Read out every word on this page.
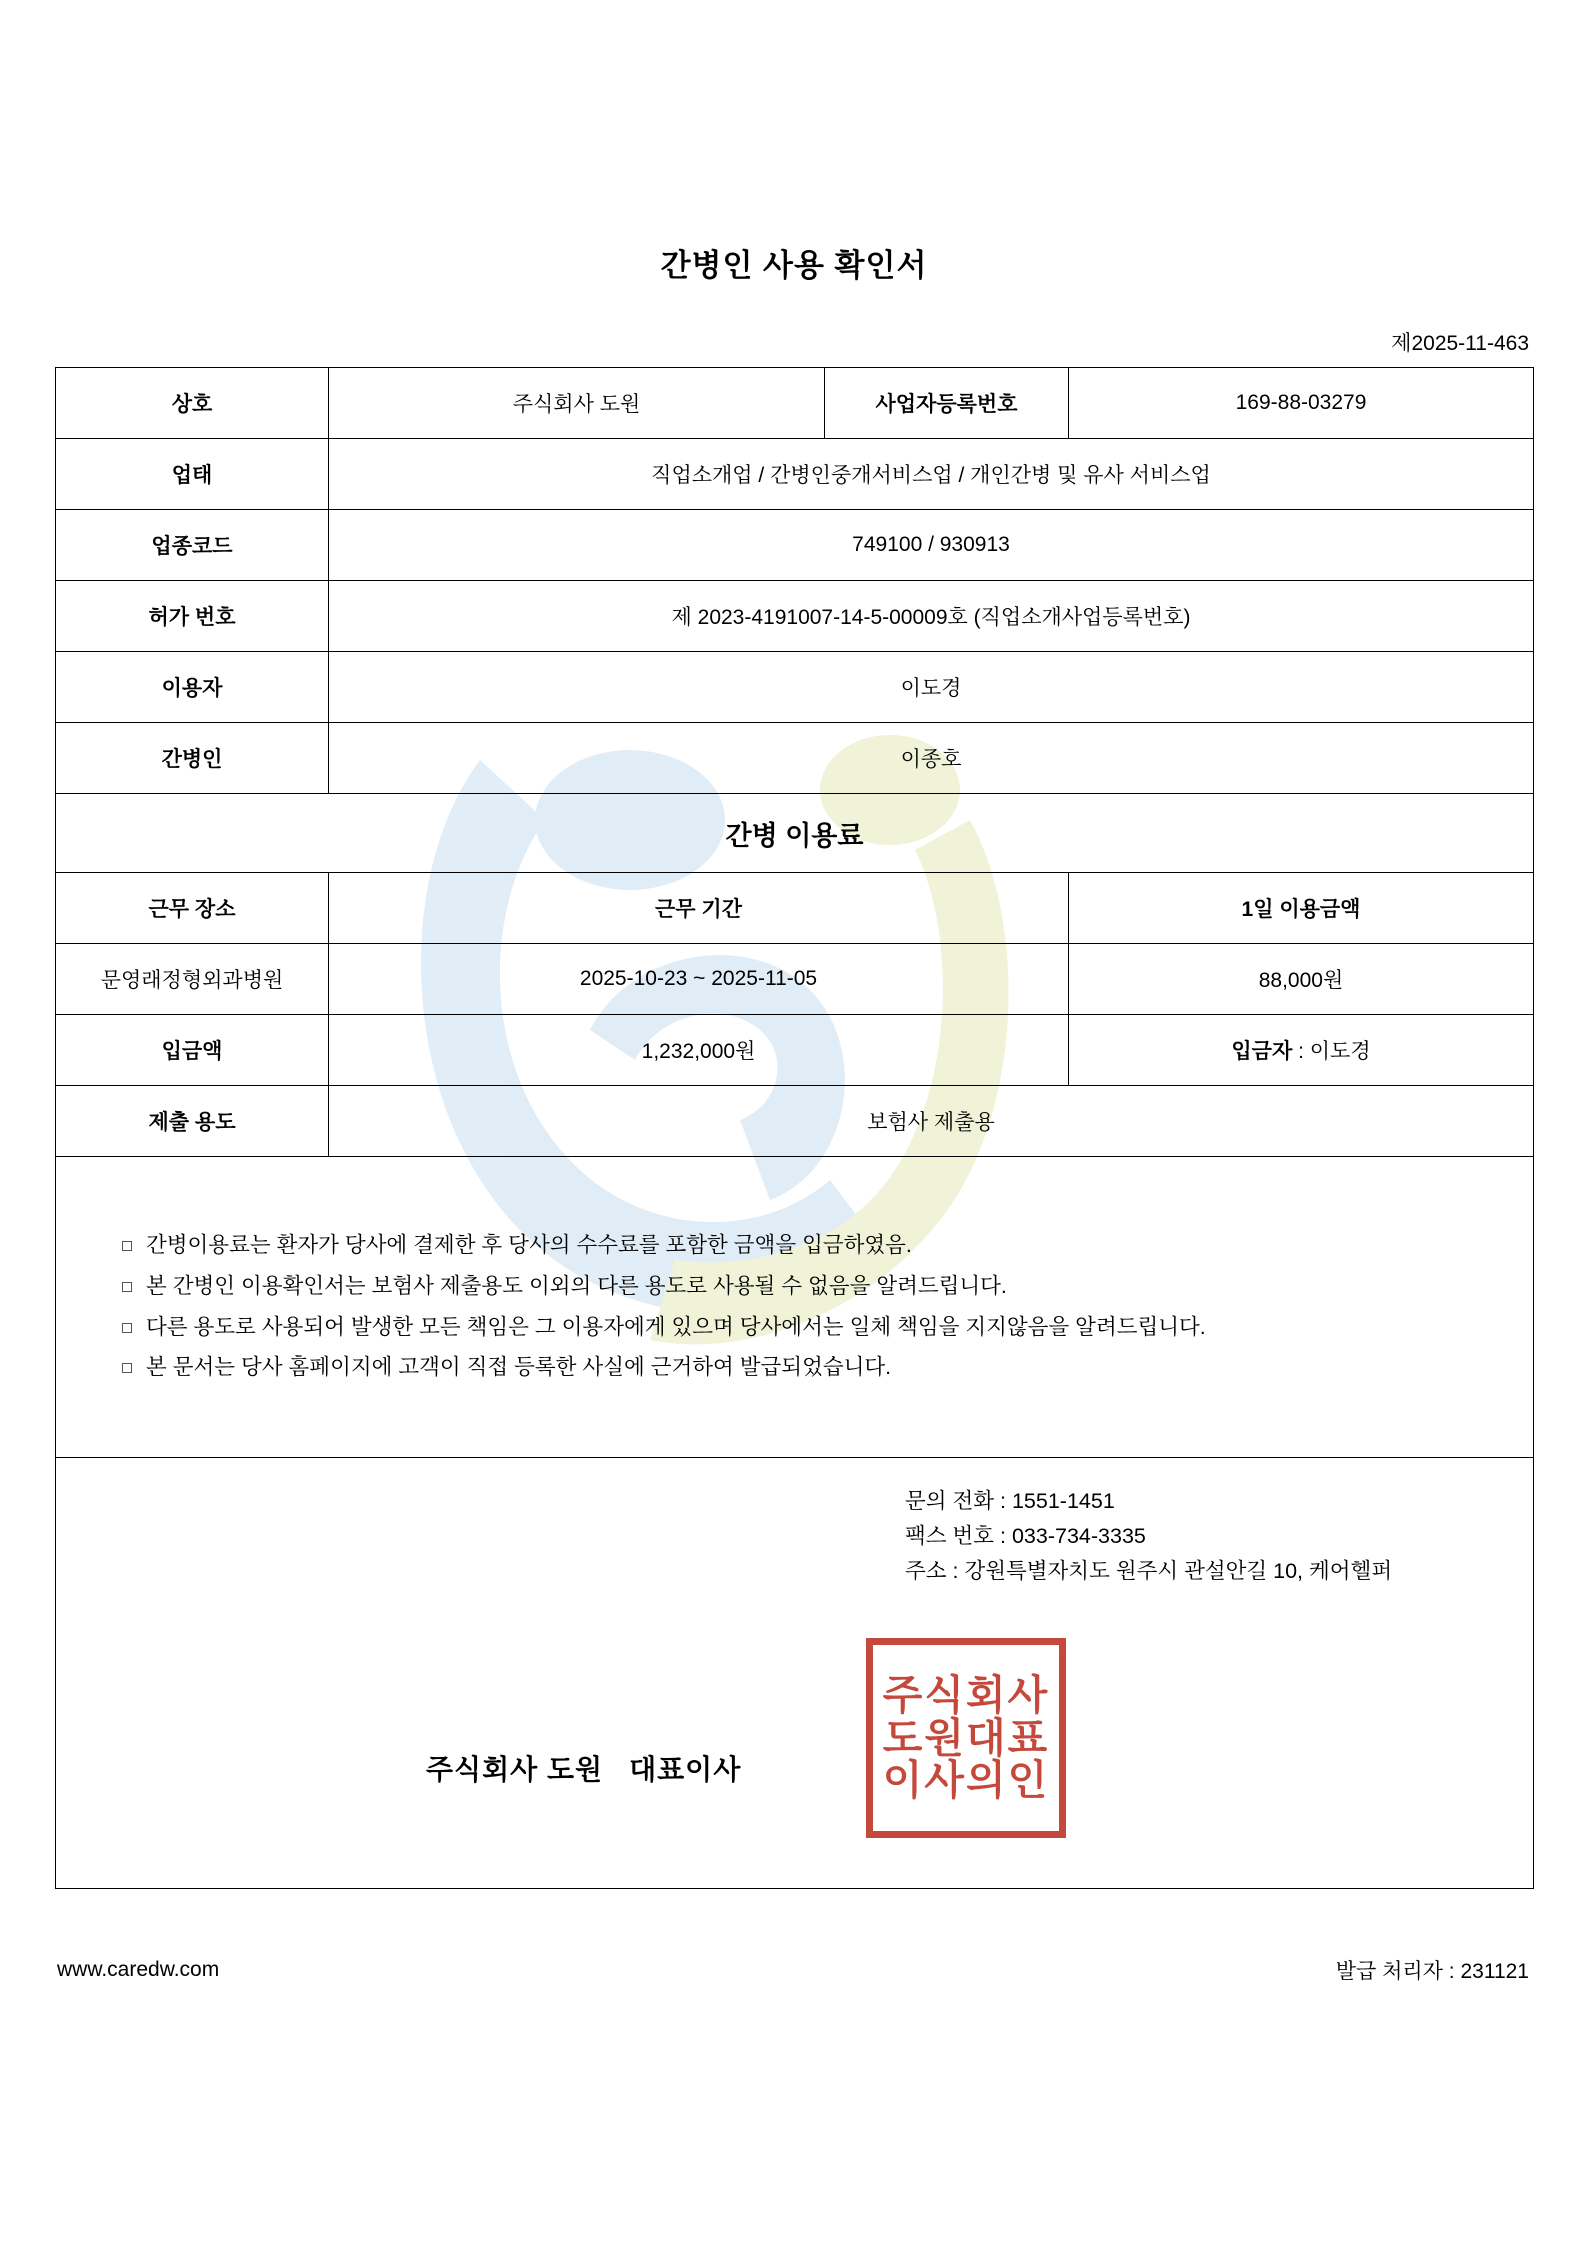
간병인 사용 확인서
제2025-11-463
상호	주식회사 도원	사업자등록번호	169-88-03279
업태	직업소개업 / 간병인중개서비스업 / 개인간병 및 유사 서비스업		
업종코드	749100 / 930913		
허가 번호	제 2023-4191007-14-5-00009호 (직업소개사업등록번호)		
이용자	이도경		
간병인	이종호		
간병 이용료			
근무 장소	근무 기간		1일 이용금액
문영래정형외과병원	2025-10-23 ~ 2025-11-05		88,000원
입금액	1,232,000원		입금자 : 이도경
제출 용도	보험사 제출용		

간병이용료는 환자가 당사에 결제한 후 당사의 수수료를 포함한 금액을 입금하였음.
본 간병인 이용확인서는 보험사 제출용도 이외의 다른 용도로 사용될 수 없음을 알려드립니다.
다른 용도로 사용되어 발생한 모든 책임은 그 이용자에게 있으며 당사에서는 일체 책임을 지지않음을 알려드립니다.
본 문서는 당사 홈페이지에 고객이 직접 등록한 사실에 근거하여 발급되었습니다.

문의 전화 : 1551-1451
팩스 번호 : 033-734-3335
주소 : 강원특별자치도 원주시 관설안길 10, 케어헬퍼
주식회사 도원 대표이사
주식회사
도원대표
이사의인
www.caredw.com	발급 처리자 : 231121
